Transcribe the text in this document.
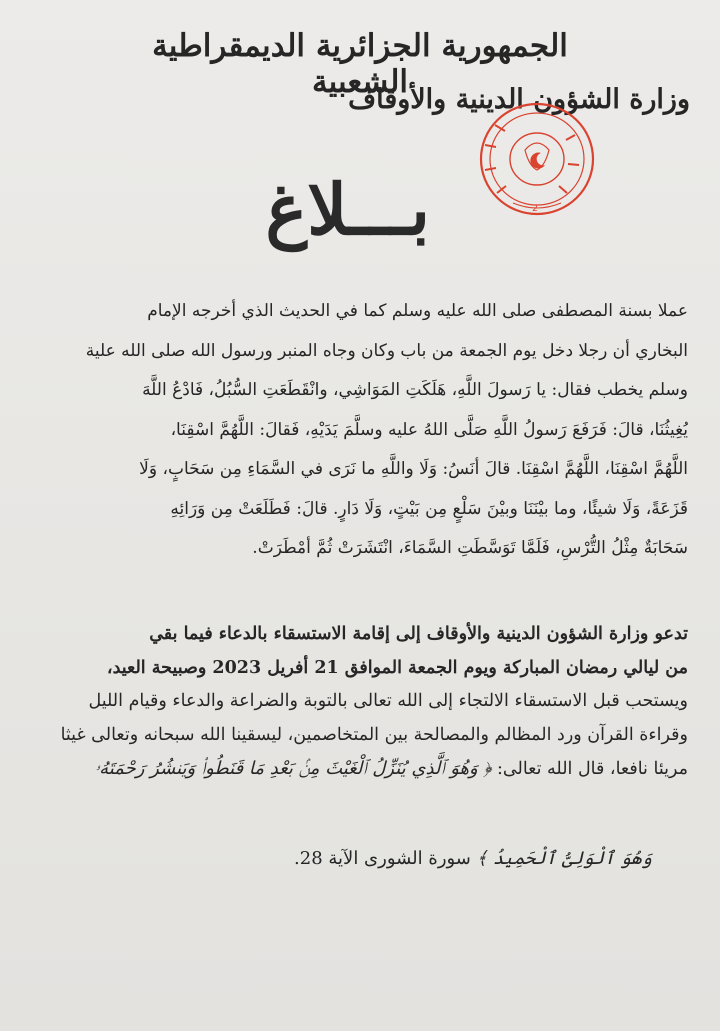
الجمهورية الجزائرية الديمقراطية الشعبية
وزارة الشؤون الدينية والأوقاف
2
بـــلاغ
عملا بسنة المصطفى صلى الله عليه وسلم كما في الحديث الذي أخرجه الإمام
البخاري أن رجلا دخل يوم الجمعة من باب وكان وجاه المنبر ورسول الله صلى الله علية
وسلم يخطب فقال: يا رَسولَ اللَّهِ، هَلَكَتِ المَوَاشِي، وانْقَطَعَتِ السُّبُلُ، فَادْعُ اللَّهَ
يُغِيثُنَا، قالَ: فَرَفَعَ رَسولُ اللَّهِ صَلَّى اللهُ عليه وسلَّمَ يَدَيْهِ، فَقالَ: اللَّهُمَّ اسْقِنَا،
اللَّهُمَّ اسْقِنَا، اللَّهُمَّ اسْقِنَا. قالَ أنَسُ: وَلَا واللَّهِ ما نَرَى في السَّمَاءِ مِن سَحَابٍ، وَلَا
قَزَعَةً، وَلَا شيئًا، وما بيْنَنَا وبيْنَ سَلْعٍ مِن بَيْتٍ، وَلَا دَارٍ. قالَ: فَطَلَعَتْ مِن وَرَائِهِ
سَحَابَةٌ مِثْلُ التُّرْسِ، فَلَمَّا تَوَسَّطَتِ السَّمَاءَ، انْتَشَرَتْ ثُمَّ أمْطَرَتْ.
تدعو وزارة الشؤون الدينية والأوقاف إلى إقامة الاستسقاء بالدعاء فيما بقي
من ليالي رمضان المباركة ويوم الجمعة الموافق 21 أفريل 2023 وصبيحة العيد،
ويستحب قبل الاستسقاء الالتجاء إلى الله تعالى بالتوبة والضراعة والدعاء وقيام الليل
وقراءة القرآن ورد المظالم والمصالحة بين المتخاصمين، ليسقينا الله سبحانه وتعالى غيثا
مريئا نافعا، قال الله تعالى: ﴿ وَهُوَ ٱلَّذِي يُنَزِّلُ ٱلْغَيْثَ مِنۢ بَعْدِ مَا قَنَطُوا۟ وَيَنشُرُ رَحْمَتَهُۥ
وَهُوَ ٱلْوَلِىُّ ٱلْحَمِيدُ ﴾ سورة الشورى الآية 28.
